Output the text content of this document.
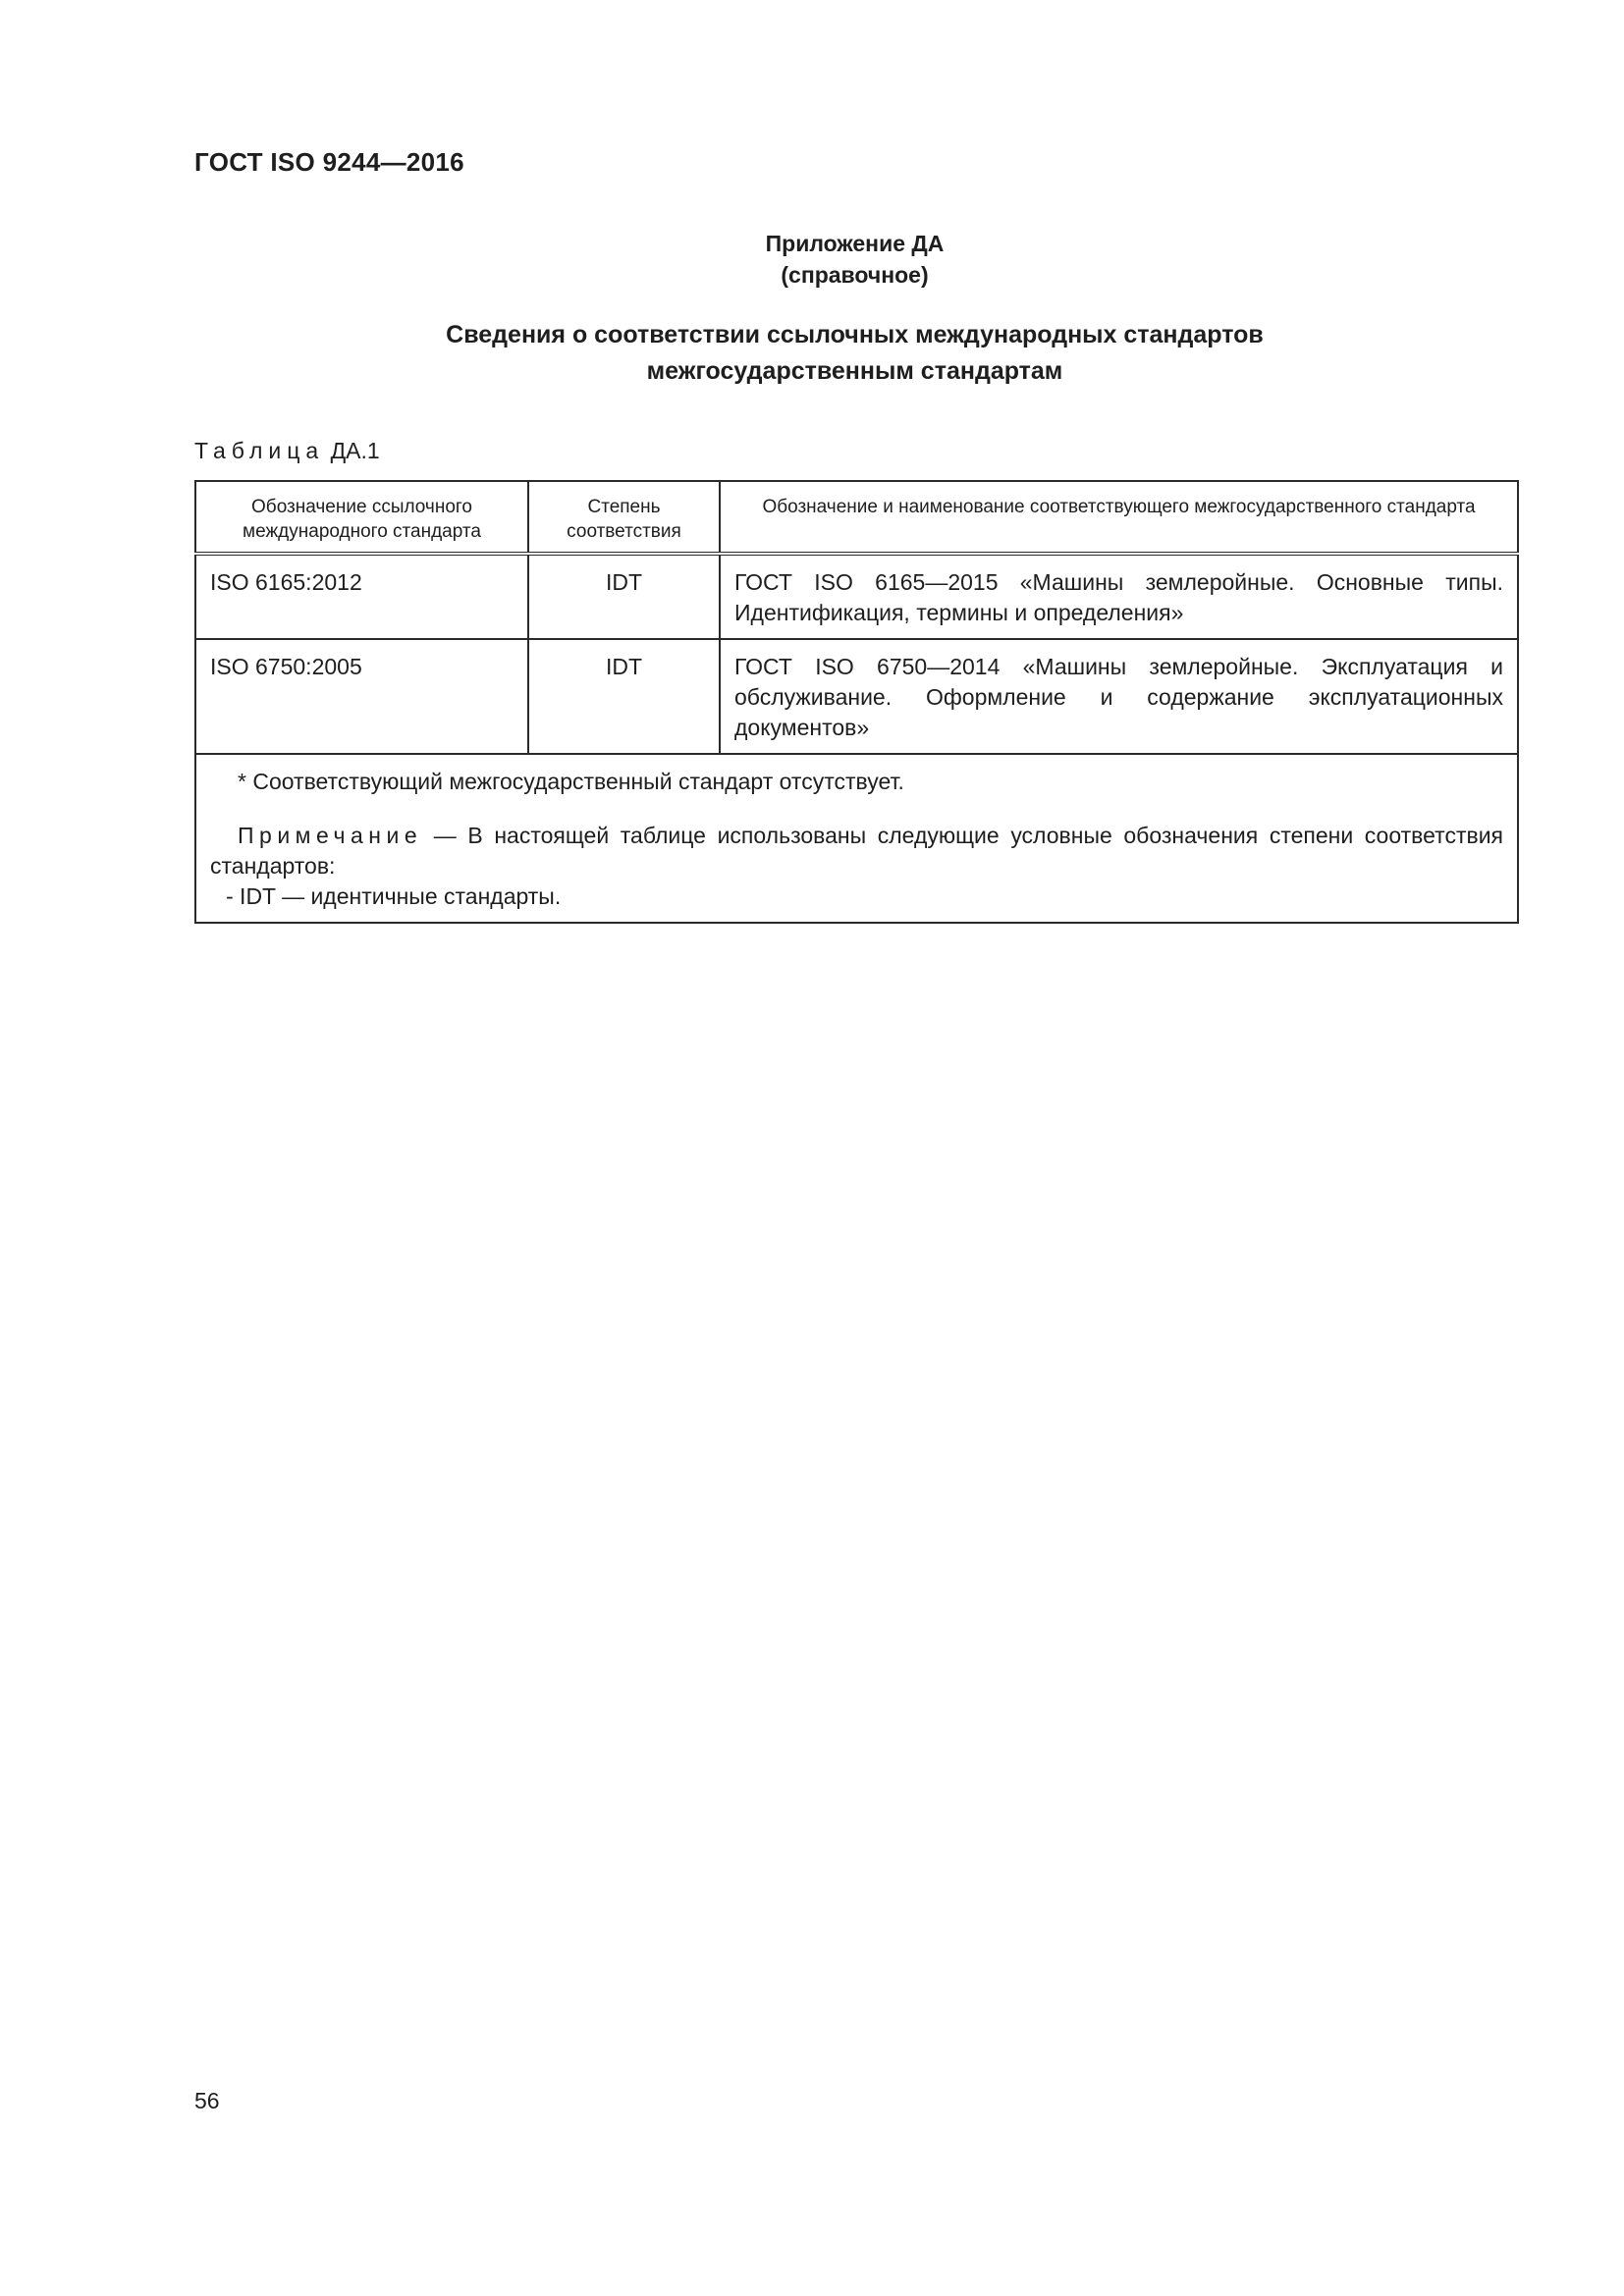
ГОСТ ISO 9244—2016
Приложение ДА
(справочное)
Сведения о соответствии ссылочных международных стандартов
межгосударственным стандартам
Таблица ДА.1
Обозначение ссылочного международного стандарта	Степень соответствия	Обозначение и наименование соответствующего межгосударственного стандарта
ISO 6165:2012	IDT	ГОСТ ISO 6165—2015 «Машины землеройные. Основные типы. Идентификация, термины и определения»
ISO 6750:2005	IDT	ГОСТ ISO 6750—2014 «Машины землеройные. Эксплуатация и обслуживание. Оформление и содержание эксплуатационных документов»

* Соответствующий межгосударственный стандарт отсутствует.

Примечание — В настоящей таблице использованы следующие условные обозначения степени соответствия стандартов:

- IDT — идентичные стандарты.		

56
